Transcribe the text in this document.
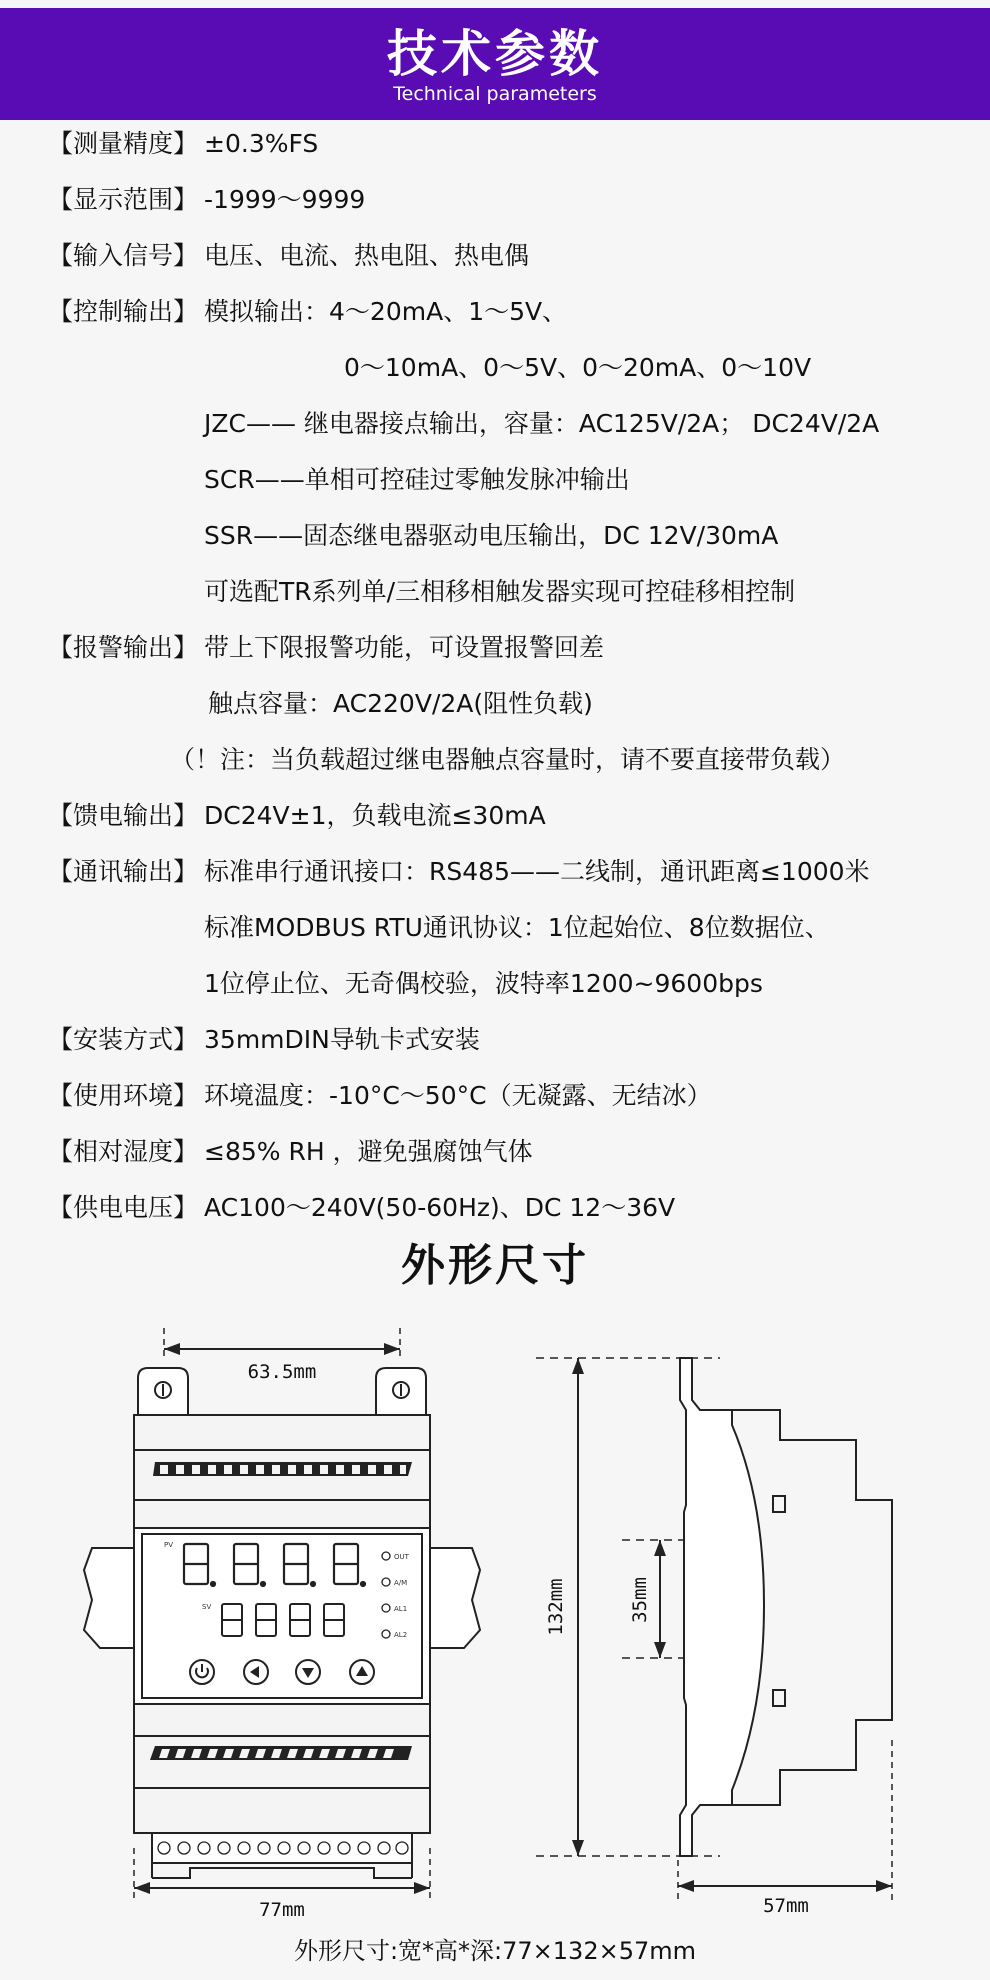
技术参数
Technical parameters
【测量精度】 ±0.3%FS
【显示范围】 -1999～9999
【输入信号】 电压、电流、热电阻、热电偶
【控制输出】 模拟输出：4～20mA、1～5V、
0～10mA、0～5V、0～20mA、0～10V
JZC—— 继电器接点输出，容量：AC125V/2A； DC24V/2A
SCR——单相可控硅过零触发脉冲输出
SSR——固态继电器驱动电压输出，DC 12V/30mA
可选配TR系列单/三相移相触发器实现可控硅移相控制
【报警输出】 带上下限报警功能，可设置报警回差
触点容量：AC220V/2A(阻性负载)
（！注：当负载超过继电器触点容量时，请不要直接带负载）
【馈电输出】 DC24V±1，负载电流≤30mA
【通讯输出】 标准串行通讯接口：RS485——二线制，通讯距离≤1000米
标准MODBUS RTU通讯协议：1位起始位、8位数据位、
1位停止位、无奇偶校验，波特率1200~9600bps
【安装方式】 35mmDIN导轨卡式安装
【使用环境】 环境温度：-10°C～50°C（无凝露、无结冰）
【相对湿度】 ≤85% RH ，避免强腐蚀气体
【供电电压】AC100～240V(50-60Hz)、DC 12～36V
外形尺寸
PV
SV
OUT
A/M
AL1
AL2
63.5mm
77mm
132mm	35mm
57mm
外形尺寸:宽*高*深:77×132×57mm
